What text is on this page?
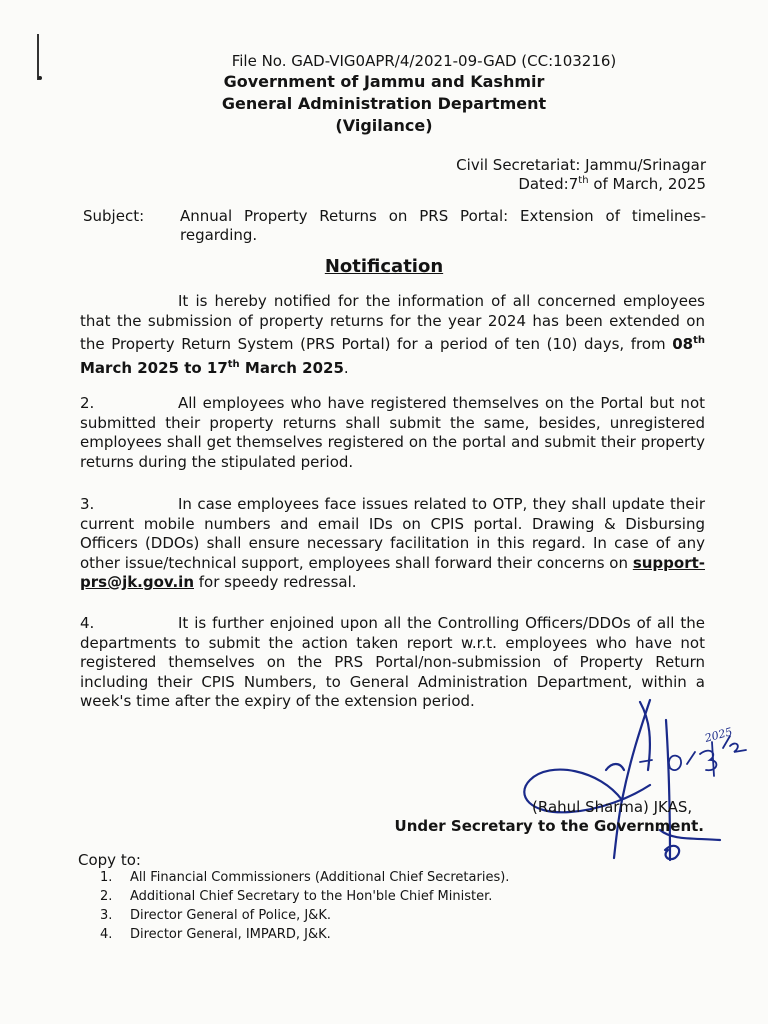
File No. GAD-VIG0APR/4/2021-09-GAD (CC:103216)
Government of Jammu and Kashmir
General Administration Department
(Vigilance)
Civil Secretariat: Jammu/Srinagar
Dated:7th of March, 2025
Subject: Annual Property Returns on PRS Portal: Extension of timelines-regarding.
Notification
It is hereby notified for the information of all concerned employees that the submission of property returns for the year 2024 has been extended on the Property Return System (PRS Portal) for a period of ten (10) days, from 08th March 2025 to 17th March 2025.
2.	All employees who have registered themselves on the Portal but not submitted their property returns shall submit the same, besides, unregistered employees shall get themselves registered on the portal and submit their property returns during the stipulated period.
3.	In case employees face issues related to OTP, they shall update their current mobile numbers and email IDs on CPIS portal. Drawing & Disbursing Officers (DDOs) shall ensure necessary facilitation in this regard. In case of any other issue/technical support, employees shall forward their concerns on support-prs@jk.gov.in for speedy redressal.
4.	It is further enjoined upon all the Controlling Officers/DDOs of all the departments to submit the action taken report w.r.t. employees who have not registered themselves on the PRS Portal/non-submission of Property Return including their CPIS Numbers, to General Administration Department, within a week's time after the expiry of the extension period.
2025
(Rahul Sharma) JKAS,
Under Secretary to the Government.
Copy to:
1. All Financial Commissioners (Additional Chief Secretaries).
2. Additional Chief Secretary to the Hon'ble Chief Minister.
3. Director General of Police, J&K.
4. Director General, IMPARD, J&K.
